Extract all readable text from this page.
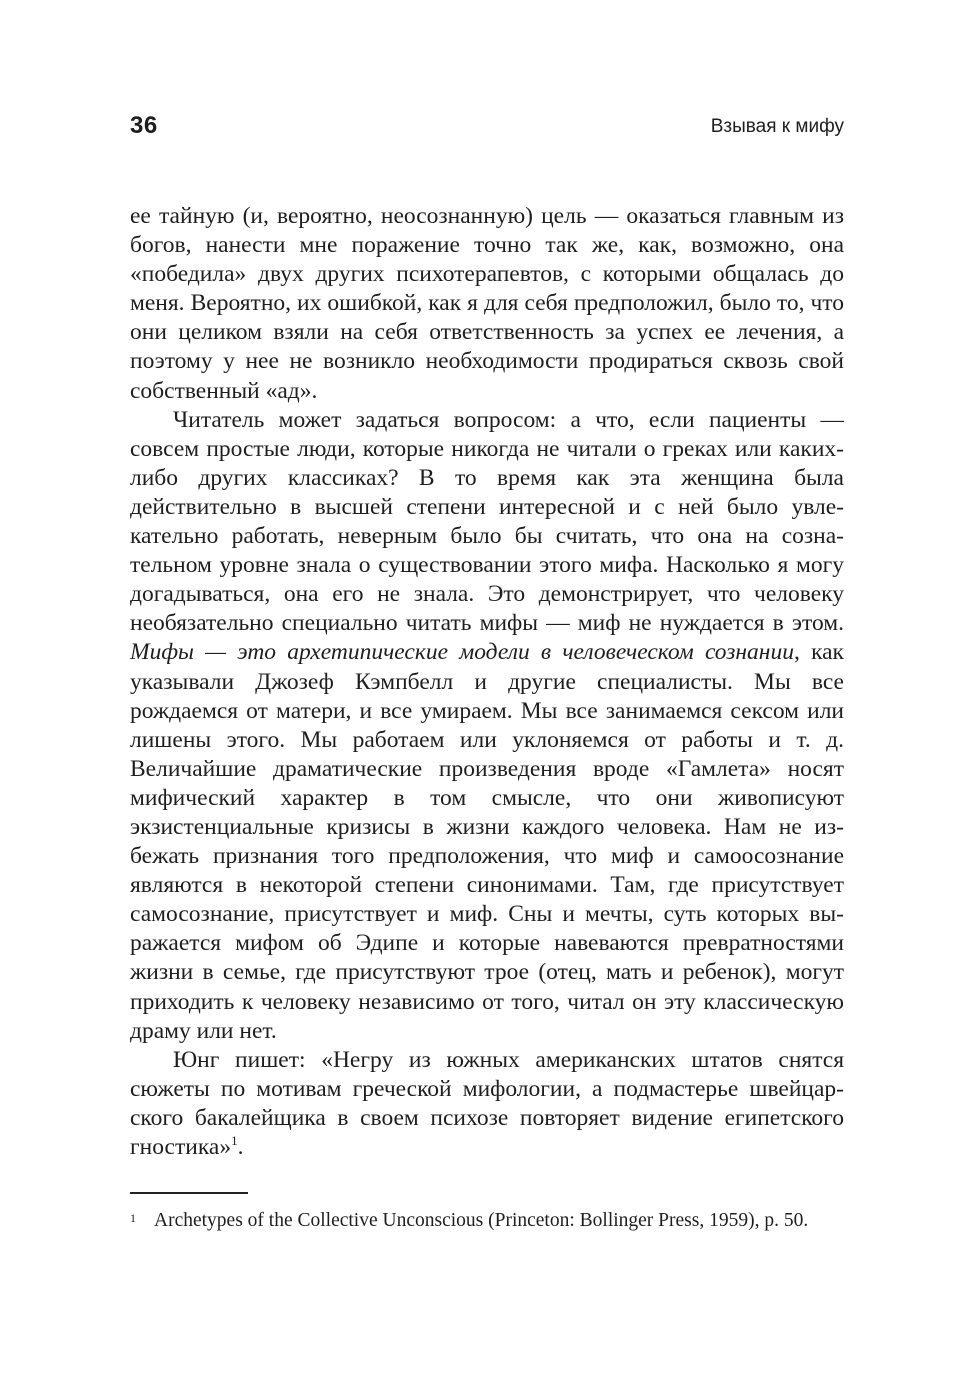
36	Взывая к мифу

ее тайную (и, вероятно, неосознанную) цель — оказаться главным из богов, нанести мне поражение точно так же, как, возможно, она «победила» двух других психотерапевтов, с которыми общалась до меня. Вероятно, их ошибкой, как я для себя предположил, было то, что они целиком взяли на себя ответственность за успех ее лечения, а поэтому у нее не возникло необходимости продираться сквозь свой собственный «ад».

Читатель может задаться вопросом: а что, если пациенты — совсем простые люди, которые никогда не читали о греках или каких-либо других классиках? В то время как эта женщина была действительно в высшей степени интересной и с ней было увлекательно работать, неверным было бы считать, что она на сознательном уровне знала о существовании этого мифа. Насколько я могу догадываться, она его не знала. Это демонстрирует, что человеку необязательно специально читать мифы — миф не нуждается в этом. Мифы — это архетипические модели в человеческом сознании, как указывали Джозеф Кэмпбелл и другие специалисты. Мы все рождаемся от матери, и все умираем. Мы все занимаемся сексом или лишены этого. Мы работаем или уклоняемся от работы и т. д. Величайшие драматические произведения вроде «Гамлета» носят мифический характер в том смысле, что они живописуют экзистенциальные кризисы в жизни каждого человека. Нам не избежать признания того предположения, что миф и самоосознание являются в некоторой степени синонимами. Там, где присутствует самосознание, присутствует и миф. Сны и мечты, суть которых выражается мифом об Эдипе и которые навеваются превратностями жизни в семье, где присутствуют трое (отец, мать и ребенок), могут приходить к человеку независимо от того, читал он эту классическую драму или нет.

Юнг пишет: «Негру из южных американских штатов снятся сюжеты по мотивам греческой мифологии, а подмастерье швейцарского бакалейщика в своем психозе повторяет видение египетского гностика»$^1$.

1 Archetypes of the Collective Unconscious (Princeton: Bollinger Press, 1959), p. 50.
